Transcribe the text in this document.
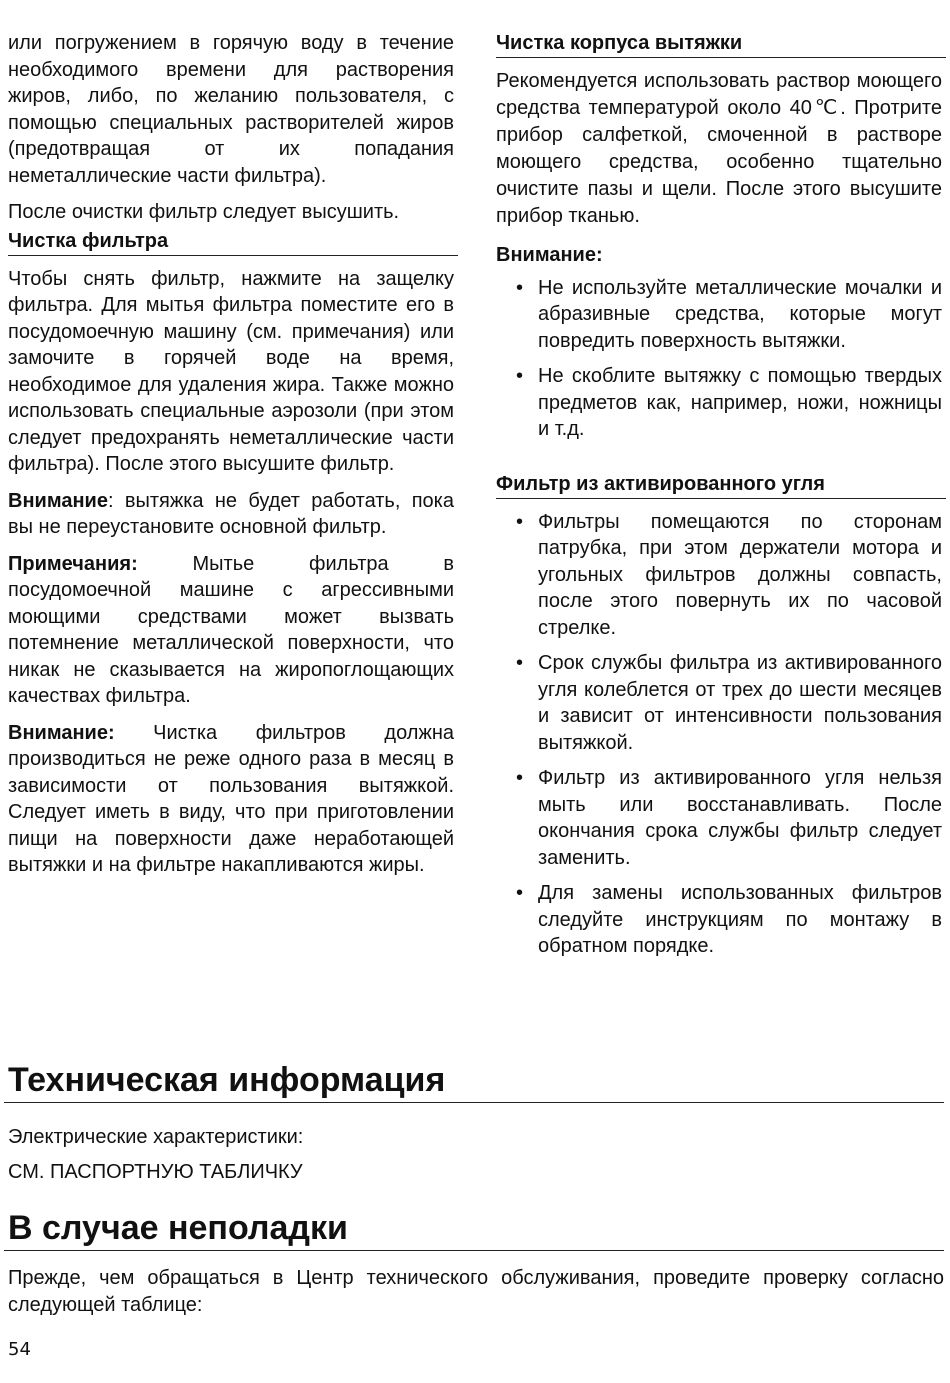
или погружением в горячую воду в течение необходимого времени для растворения жиров, либо, по желанию пользователя, с помощью специальных растворителей жиров (предотвращая от их попадания неметаллические части фильтра).

После очистки фильтр следует высушить.

Чистка фильтра

Чтобы снять фильтр, нажмите на защелку фильтра. Для мытья фильтра поместите его в посудомоечную машину (см. примечания) или замочите в горячей воде на время, необходимое для удаления жира. Также можно использовать специальные аэрозоли (при этом следует предохранять неметаллические части фильтра). После этого высушите фильтр.

Внимание: вытяжка не будет работать, пока вы не переустановите основной фильтр.

Примечания: Мытье фильтра в посудомоечной машине с агрессивными моющими средствами может вызвать потемнение металлической поверхности, что никак не сказывается на жиропоглощающих качествах фильтра.

Внимание: Чистка фильтров должна производиться не реже одного раза в месяц в зависимости от пользования вытяжкой. Следует иметь в виду, что при приготовлении пищи на поверхности даже неработающей вытяжки и на фильтре накапливаются жиры.

Чистка корпуса вытяжки

Рекомендуется использовать раствор моющего средства температурой около 40℃. Протрите прибор салфеткой, смоченной в растворе моющего средства, особенно тщательно очистите пазы и щели. После этого высушите прибор тканью.

Внимание:
• Не используйте металлические мочалки и абразивные средства, которые могут повредить поверхность вытяжки.
• Не скоблите вытяжку с помощью твердых предметов как, например, ножи, ножницы и т.д.
Фильтр из активированного угля
• Фильтры помещаются по сторонам патрубка, при этом держатели мотора и угольных фильтров должны совпасть, после этого повернуть их по часовой стрелке.
• Срок службы фильтра из активированного угля колеблется от трех до шести месяцев и зависит от интенсивности пользования вытяжкой.
• Фильтр из активированного угля нельзя мыть или восстанавливать. После окончания срока службы фильтр следует заменить.
• Для замены использованных фильтров следуйте инструкциям по монтажу в обратном порядке.
Техническая информация

Электрические характеристики:

СМ. ПАСПОРТНУЮ ТАБЛИЧКУ

В случае неполадки

Прежде, чем обращаться в Центр технического обслуживания, проведите проверку согласно следующей таблице:

54
